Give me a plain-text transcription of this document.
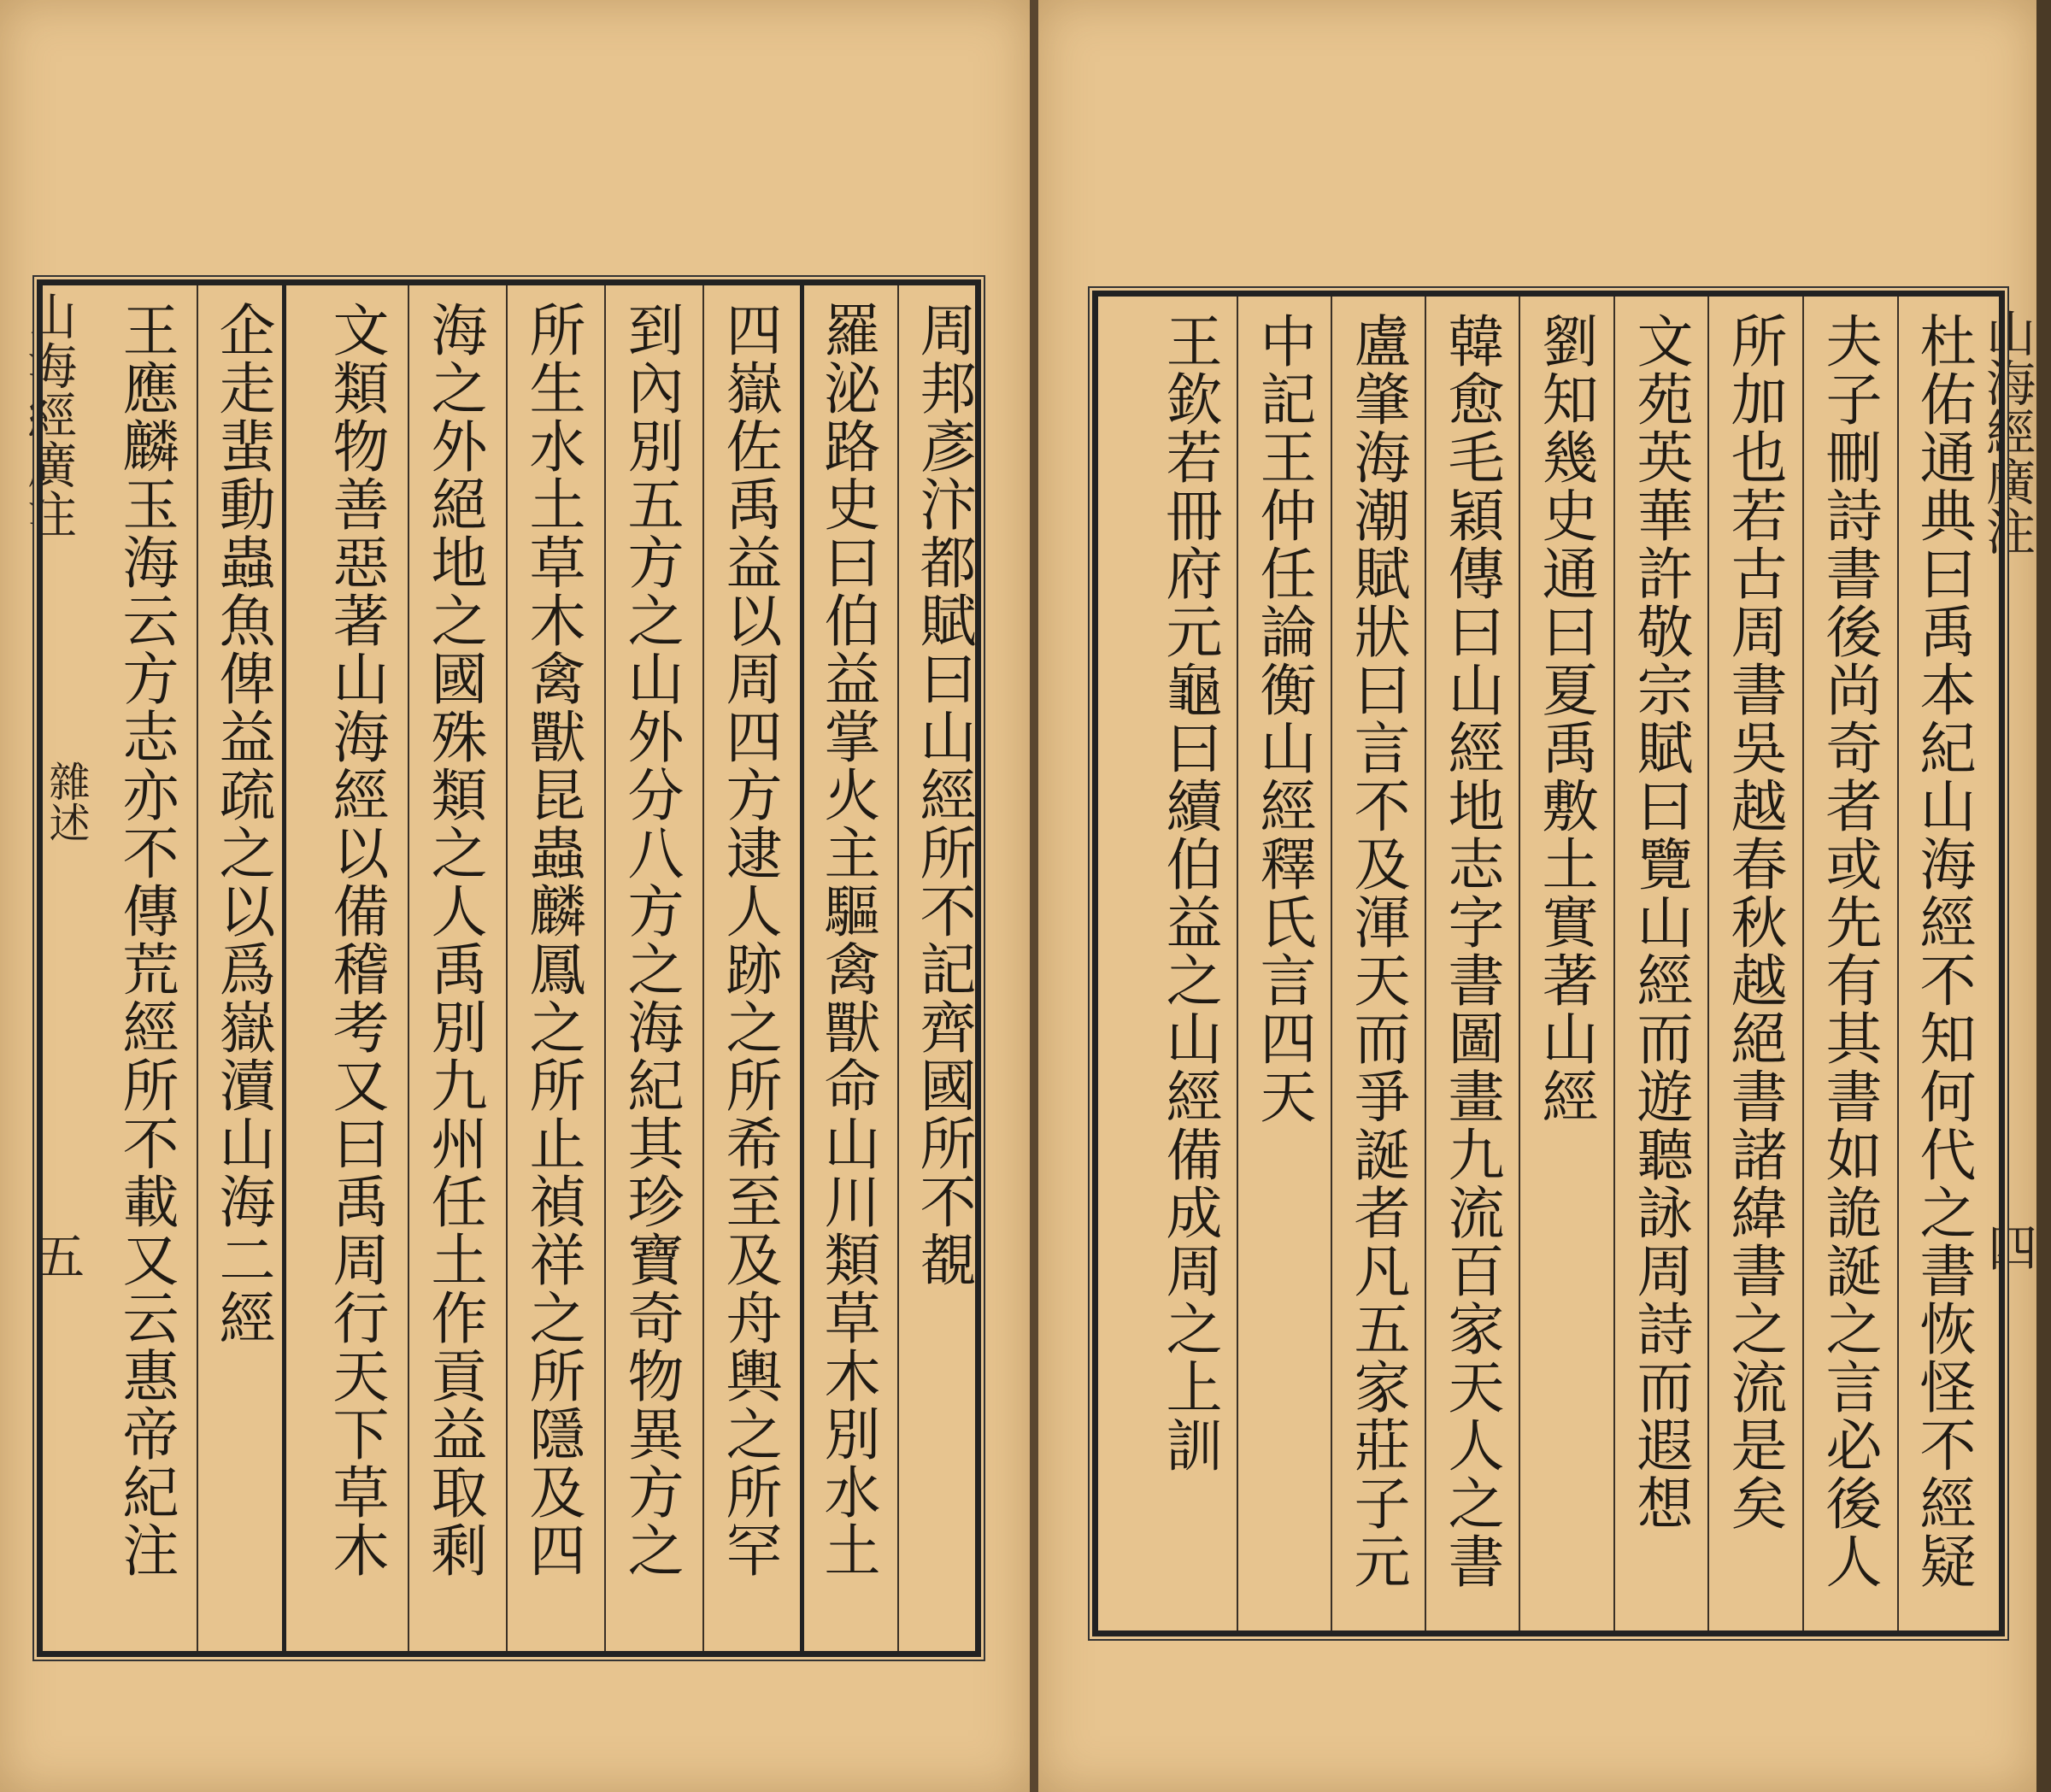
山海經廣注
雜述
五	周邦彥汴都賦曰山經所不記齊國所不覩
羅泌路史曰伯益掌火主驅禽獸命山川類草木別水土
四嶽佐禹益以周四方逮人跡之所希至及舟輿之所罕
到內別五方之山外分八方之海紀其珍寶奇物異方之
所生水土草木禽獸昆蟲麟鳳之所止禎祥之所隱及四
海之外絕地之國殊類之人禹別九州任土作貢益取剩
文類物善惡著山海經以備稽考又曰禹周行天下草木
企走蜚動蟲魚俾益疏之以爲嶽瀆山海二經
王應麟玉海云方志亦不傳荒經所不載又云惠帝紀注	山海經廣注
四
杜佑通典曰禹本紀山海經不知何代之書恢怪不經疑
夫子刪詩書後尚奇者或先有其書如詭誕之言必後人
所加也若古周書吳越春秋越絕書諸緯書之流是矣
文苑英華許敬宗賦曰覽山經而遊聽詠周詩而遐想
劉知幾史通曰夏禹敷土實著山經
韓愈毛穎傳曰山經地志字書圖畫九流百家天人之書
盧肇海潮賦狀曰言不及渾天而爭誕者凡五家莊子元
中記王仲任論衡山經釋氏言四天
王欽若冊府元龜曰續伯益之山經備成周之上訓
